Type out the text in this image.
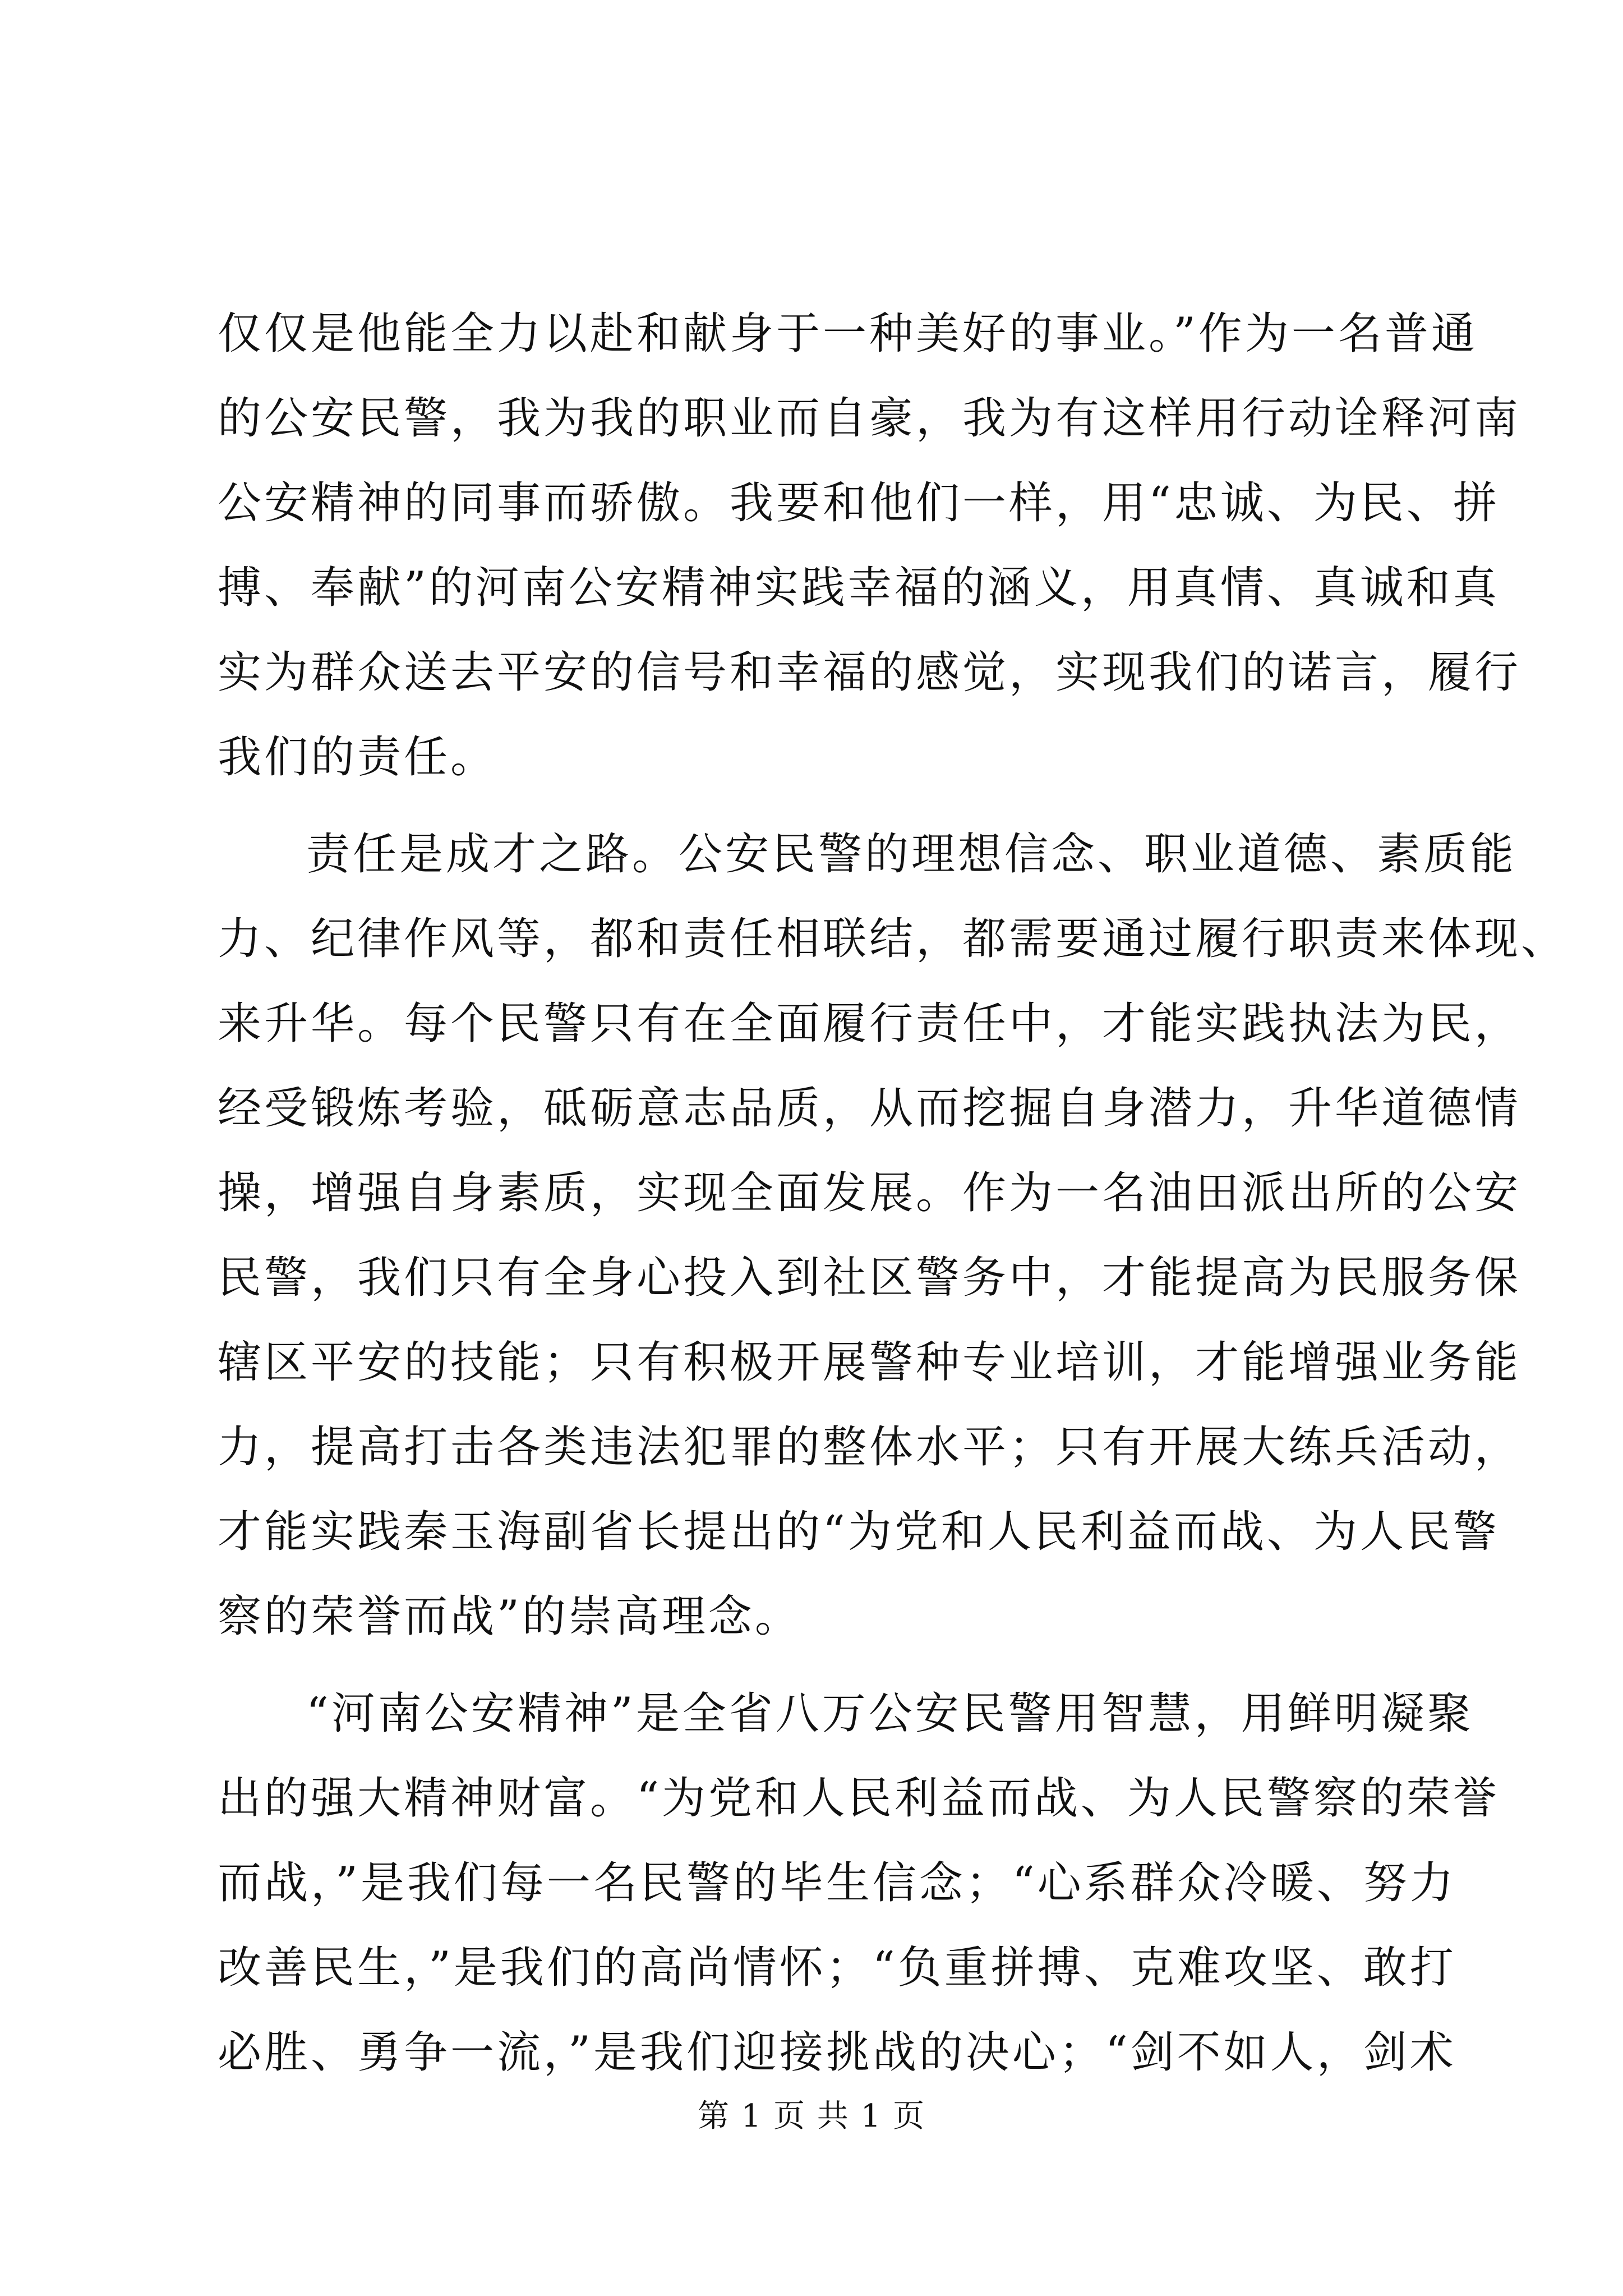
仅仅是他能全力以赴和献身于一种美好的事业。”作为一名普通
的公安民警，我为我的职业而自豪，我为有这样用行动诠释河南
公安精神的同事而骄傲。我要和他们一样，用“忠诚、为民、拼
搏、奉献”的河南公安精神实践幸福的涵义，用真情、真诚和真
实为群众送去平安的信号和幸福的感觉，实现我们的诺言，履行
我们的责任。
责任是成才之路。公安民警的理想信念、职业道德、素质能
力、纪律作风等，都和责任相联结，都需要通过履行职责来体现、
来升华。每个民警只有在全面履行责任中，才能实践执法为民，
经受锻炼考验，砥砺意志品质，从而挖掘自身潜力，升华道德情
操，增强自身素质，实现全面发展。作为一名油田派出所的公安
民警，我们只有全身心投入到社区警务中，才能提高为民服务保
辖区平安的技能；只有积极开展警种专业培训，才能增强业务能
力，提高打击各类违法犯罪的整体水平；只有开展大练兵活动，
才能实践秦玉海副省长提出的“为党和人民利益而战、为人民警
察的荣誉而战”的崇高理念。
“河南公安精神”是全省八万公安民警用智慧，用鲜明凝聚
出的强大精神财富。“为党和人民利益而战、为人民警察的荣誉
而战，”是我们每一名民警的毕生信念；“心系群众冷暖、努力
改善民生，”是我们的高尚情怀；“负重拼搏、克难攻坚、敢打
必胜、勇争一流，”是我们迎接挑战的决心；“剑不如人，剑术
第 1 页 共 1 页
